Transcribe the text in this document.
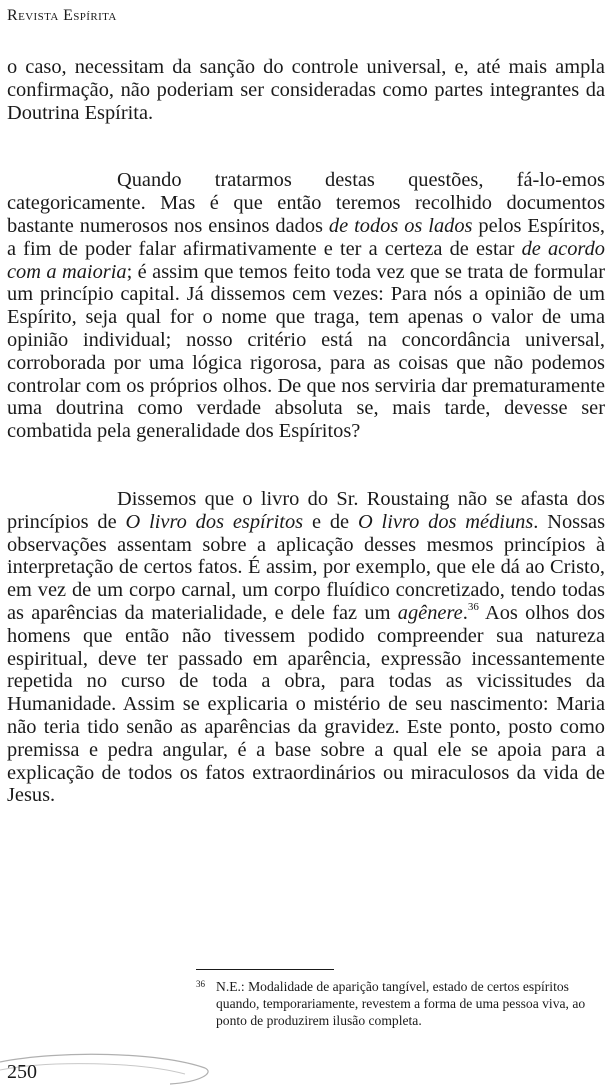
Revista Espírita

o caso, necessitam da sanção do controle universal, e, até mais ampla confirmação, não poderiam ser consideradas como partes integrantes da Doutrina Espírita.

Quando tratarmos destas questões, fá-lo-emos categoricamente. Mas é que então teremos recolhido documentos bastante numerosos nos ensinos dados de todos os lados pelos Espíritos, a fim de poder falar afirmativamente e ter a certeza de estar de acordo com a maioria; é assim que temos feito toda vez que se trata de formular um princípio capital. Já dissemos cem vezes: Para nós a opinião de um Espírito, seja qual for o nome que traga, tem apenas o valor de uma opinião individual; nosso critério está na concordância universal, corroborada por uma lógica rigorosa, para as coisas que não podemos controlar com os próprios olhos. De que nos serviria dar prematuramente uma doutrina como verdade absoluta se, mais tarde, devesse ser combatida pela generalidade dos Espíritos?

Dissemos que o livro do Sr. Roustaing não se afasta dos princípios de O livro dos espíritos e de O livro dos médiuns. Nossas observações assentam sobre a aplicação desses mesmos princípios à interpretação de certos fatos. É assim, por exemplo, que ele dá ao Cristo, em vez de um corpo carnal, um corpo fluídico concretizado, tendo todas as aparências da materialidade, e dele faz um agênere.$^{36}$ Aos olhos dos homens que então não tivessem podido compreender sua natureza espiritual, deve ter passado em aparência, expressão incessantemente repetida no curso de toda a obra, para todas as vicissitudes da Humanidade. Assim se explicaria o mistério de seu nascimento: Maria não teria tido senão as aparências da gravidez. Este ponto, posto como premissa e pedra angular, é a base sobre a qual ele se apoia para a explicação de todos os fatos extraordinários ou miraculosos da vida de Jesus.

36 N.E.: Modalidade de aparição tangível, estado de certos espíritos quando, temporariamente, revestem a forma de uma pessoa viva, ao ponto de produzirem ilusão completa.
250
